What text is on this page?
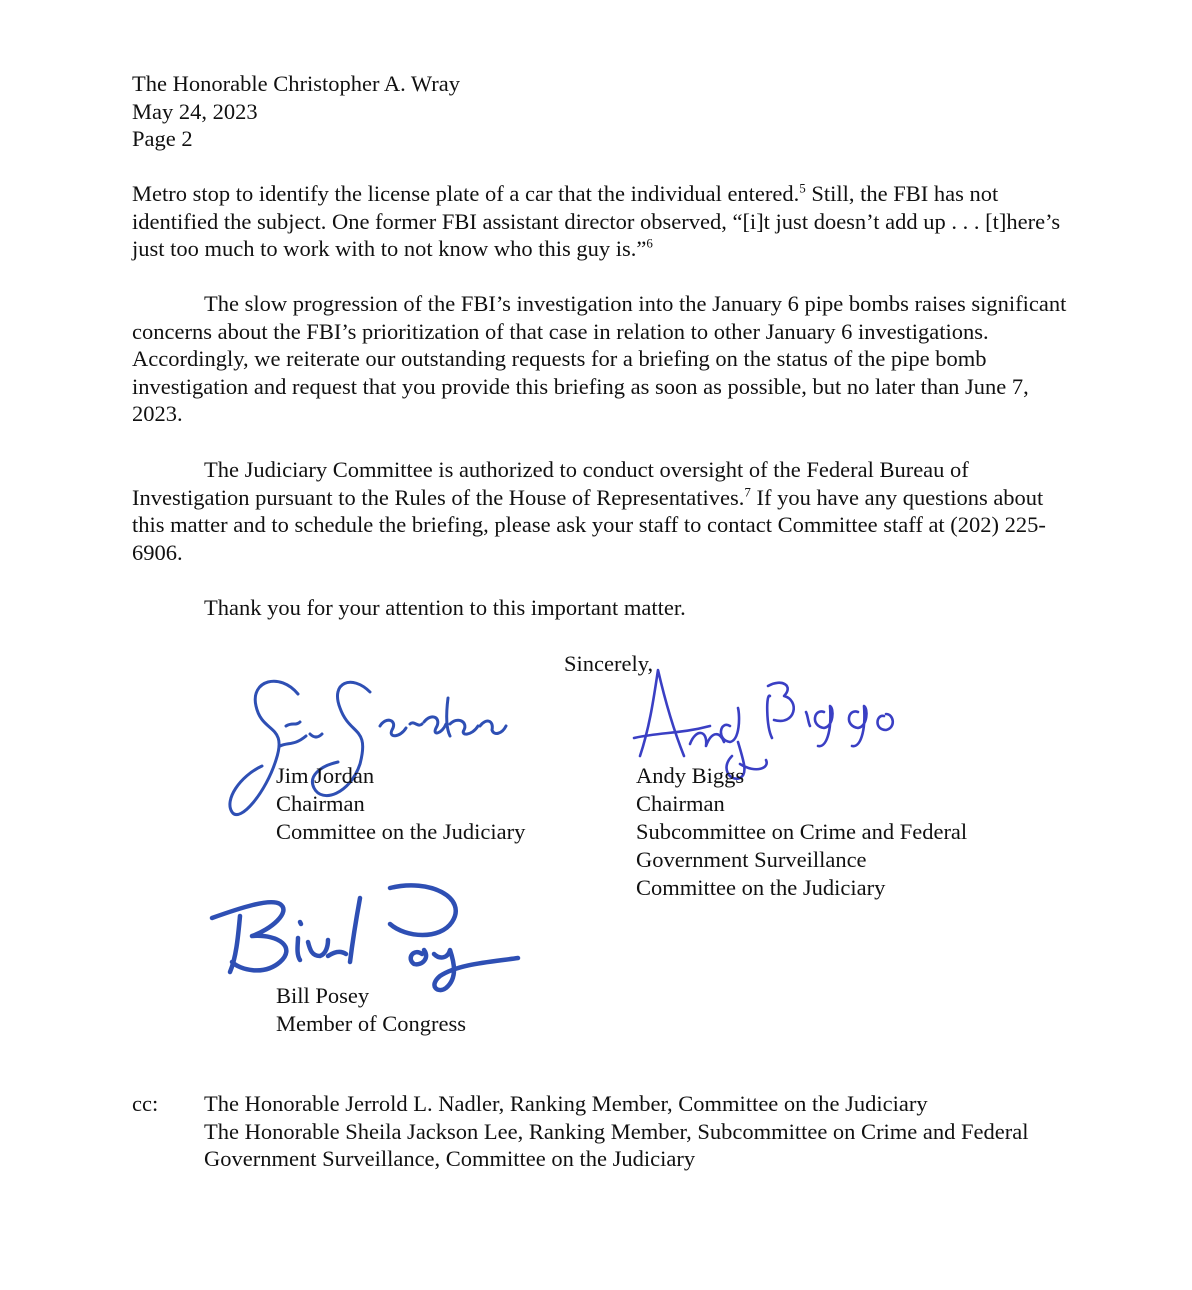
The Honorable Christopher A. Wray
May 24, 2023
Page 2

Metro stop to identify the license plate of a car that the individual entered.$^5$ Still, the FBI has not identified the subject. One former FBI assistant director observed, “[i]t just doesn’t add up . . . [t]here’s just too much to work with to not know who this guy is.”$^6$

The slow progression of the FBI’s investigation into the January 6 pipe bombs raises significant concerns about the FBI’s prioritization of that case in relation to other January 6 investigations. Accordingly, we reiterate our outstanding requests for a briefing on the status of the pipe bomb investigation and request that you provide this briefing as soon as possible, but no later than June 7, 2023.

The Judiciary Committee is authorized to conduct oversight of the Federal Bureau of Investigation pursuant to the Rules of the House of Representatives.$^7$ If you have any questions about this matter and to schedule the briefing, please ask your staff to contact Committee staff at (202) 225-6906.

Thank you for your attention to this important matter.

Sincerely,
Jim Jordan
Chairman
Committee on the Judiciary
Andy Biggs
Chairman
Subcommittee on Crime and Federal
Government Surveillance
Committee on the Judiciary
Bill Posey
Member of Congress
cc: The Honorable Jerrold L. Nadler, Ranking Member, Committee on the Judiciary
The Honorable Sheila Jackson Lee, Ranking Member, Subcommittee on Crime and Federal Government Surveillance, Committee on the Judiciary
